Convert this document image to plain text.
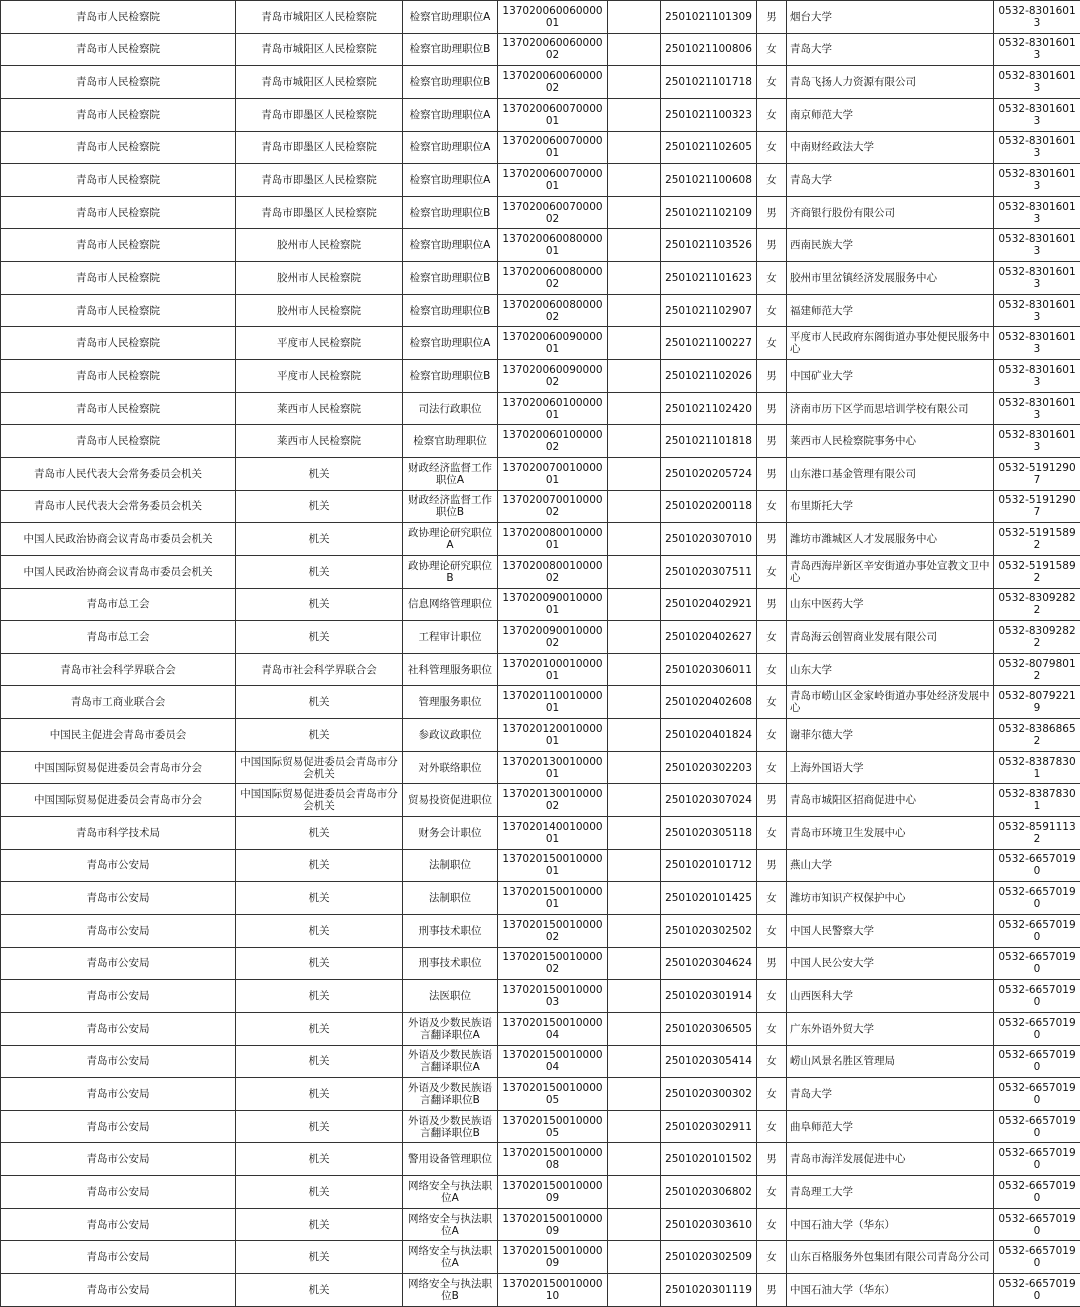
青岛市人民检察院	青岛市城阳区人民检察院	检察官助理职位A	13702006006000001		2501021101309	男	烟台大学	0532-83016013
青岛市人民检察院	青岛市城阳区人民检察院	检察官助理职位B	13702006006000002		2501021100806	女	青岛大学	0532-83016013
青岛市人民检察院	青岛市城阳区人民检察院	检察官助理职位B	13702006006000002		2501021101718	女	青岛飞扬人力资源有限公司	0532-83016013
青岛市人民检察院	青岛市即墨区人民检察院	检察官助理职位A	13702006007000001		2501021100323	女	南京师范大学	0532-83016013
青岛市人民检察院	青岛市即墨区人民检察院	检察官助理职位A	13702006007000001		2501021102605	女	中南财经政法大学	0532-83016013
青岛市人民检察院	青岛市即墨区人民检察院	检察官助理职位A	13702006007000001		2501021100608	女	青岛大学	0532-83016013
青岛市人民检察院	青岛市即墨区人民检察院	检察官助理职位B	13702006007000002		2501021102109	男	齐商银行股份有限公司	0532-83016013
青岛市人民检察院	胶州市人民检察院	检察官助理职位A	13702006008000001		2501021103526	男	西南民族大学	0532-83016013
青岛市人民检察院	胶州市人民检察院	检察官助理职位B	13702006008000002		2501021101623	女	胶州市里岔镇经济发展服务中心	0532-83016013
青岛市人民检察院	胶州市人民检察院	检察官助理职位B	13702006008000002		2501021102907	女	福建师范大学	0532-83016013
青岛市人民检察院	平度市人民检察院	检察官助理职位A	13702006009000001		2501021100227	女	平度市人民政府东阁街道办事处便民服务中心	0532-83016013
青岛市人民检察院	平度市人民检察院	检察官助理职位B	13702006009000002		2501021102026	男	中国矿业大学	0532-83016013
青岛市人民检察院	莱西市人民检察院	司法行政职位	13702006010000001		2501021102420	男	济南市历下区学而思培训学校有限公司	0532-83016013
青岛市人民检察院	莱西市人民检察院	检察官助理职位	13702006010000002		2501021101818	男	莱西市人民检察院事务中心	0532-83016013
青岛市人民代表大会常务委员会机关	机关	财政经济监督工作职位A	13702007001000001		2501020205724	男	山东港口基金管理有限公司	0532-51912907
青岛市人民代表大会常务委员会机关	机关	财政经济监督工作职位B	13702007001000002		2501020200118	女	布里斯托大学	0532-51912907
中国人民政治协商会议青岛市委员会机关	机关	政协理论研究职位A	13702008001000001		2501020307010	男	潍坊市潍城区人才发展服务中心	0532-51915892
中国人民政治协商会议青岛市委员会机关	机关	政协理论研究职位B	13702008001000002		2501020307511	女	青岛西海岸新区辛安街道办事处宣教文卫中心	0532-51915892
青岛市总工会	机关	信息网络管理职位	13702009001000001		2501020402921	男	山东中医药大学	0532-83092822
青岛市总工会	机关	工程审计职位	13702009001000002		2501020402627	女	青岛海云创智商业发展有限公司	0532-83092822
青岛市社会科学界联合会	青岛市社会科学界联合会	社科管理服务职位	13702010001000001		2501020306011	女	山东大学	0532-80798012
青岛市工商业联合会	机关	管理服务职位	13702011001000001		2501020402608	女	青岛市崂山区金家岭街道办事处经济发展中心	0532-80792219
中国民主促进会青岛市委员会	机关	参政议政职位	13702012001000001		2501020401824	女	谢菲尔德大学	0532-83868652
中国国际贸易促进委员会青岛市分会	中国国际贸易促进委员会青岛市分会机关	对外联络职位	13702013001000001		2501020302203	女	上海外国语大学	0532-83878301
中国国际贸易促进委员会青岛市分会	中国国际贸易促进委员会青岛市分会机关	贸易投资促进职位	13702013001000002		2501020307024	男	青岛市城阳区招商促进中心	0532-83878301
青岛市科学技术局	机关	财务会计职位	13702014001000001		2501020305118	女	青岛市环境卫生发展中心	0532-85911132
青岛市公安局	机关	法制职位	13702015001000001		2501020101712	男	燕山大学	0532-66570190
青岛市公安局	机关	法制职位	13702015001000001		2501020101425	女	潍坊市知识产权保护中心	0532-66570190
青岛市公安局	机关	刑事技术职位	13702015001000002		2501020302502	女	中国人民警察大学	0532-66570190
青岛市公安局	机关	刑事技术职位	13702015001000002		2501020304624	男	中国人民公安大学	0532-66570190
青岛市公安局	机关	法医职位	13702015001000003		2501020301914	女	山西医科大学	0532-66570190
青岛市公安局	机关	外语及少数民族语言翻译职位A	13702015001000004		2501020306505	女	广东外语外贸大学	0532-66570190
青岛市公安局	机关	外语及少数民族语言翻译职位A	13702015001000004		2501020305414	女	崂山风景名胜区管理局	0532-66570190
青岛市公安局	机关	外语及少数民族语言翻译职位B	13702015001000005		2501020300302	女	青岛大学	0532-66570190
青岛市公安局	机关	外语及少数民族语言翻译职位B	13702015001000005		2501020302911	女	曲阜师范大学	0532-66570190
青岛市公安局	机关	警用设备管理职位	13702015001000008		2501020101502	男	青岛市海洋发展促进中心	0532-66570190
青岛市公安局	机关	网络安全与执法职位A	13702015001000009		2501020306802	女	青岛理工大学	0532-66570190
青岛市公安局	机关	网络安全与执法职位A	13702015001000009		2501020303610	女	中国石油大学（华东）	0532-66570190
青岛市公安局	机关	网络安全与执法职位A	13702015001000009		2501020302509	女	山东百格服务外包集团有限公司青岛分公司	0532-66570190
青岛市公安局	机关	网络安全与执法职位B	13702015001000010		2501020301119	男	中国石油大学（华东）	0532-66570190
